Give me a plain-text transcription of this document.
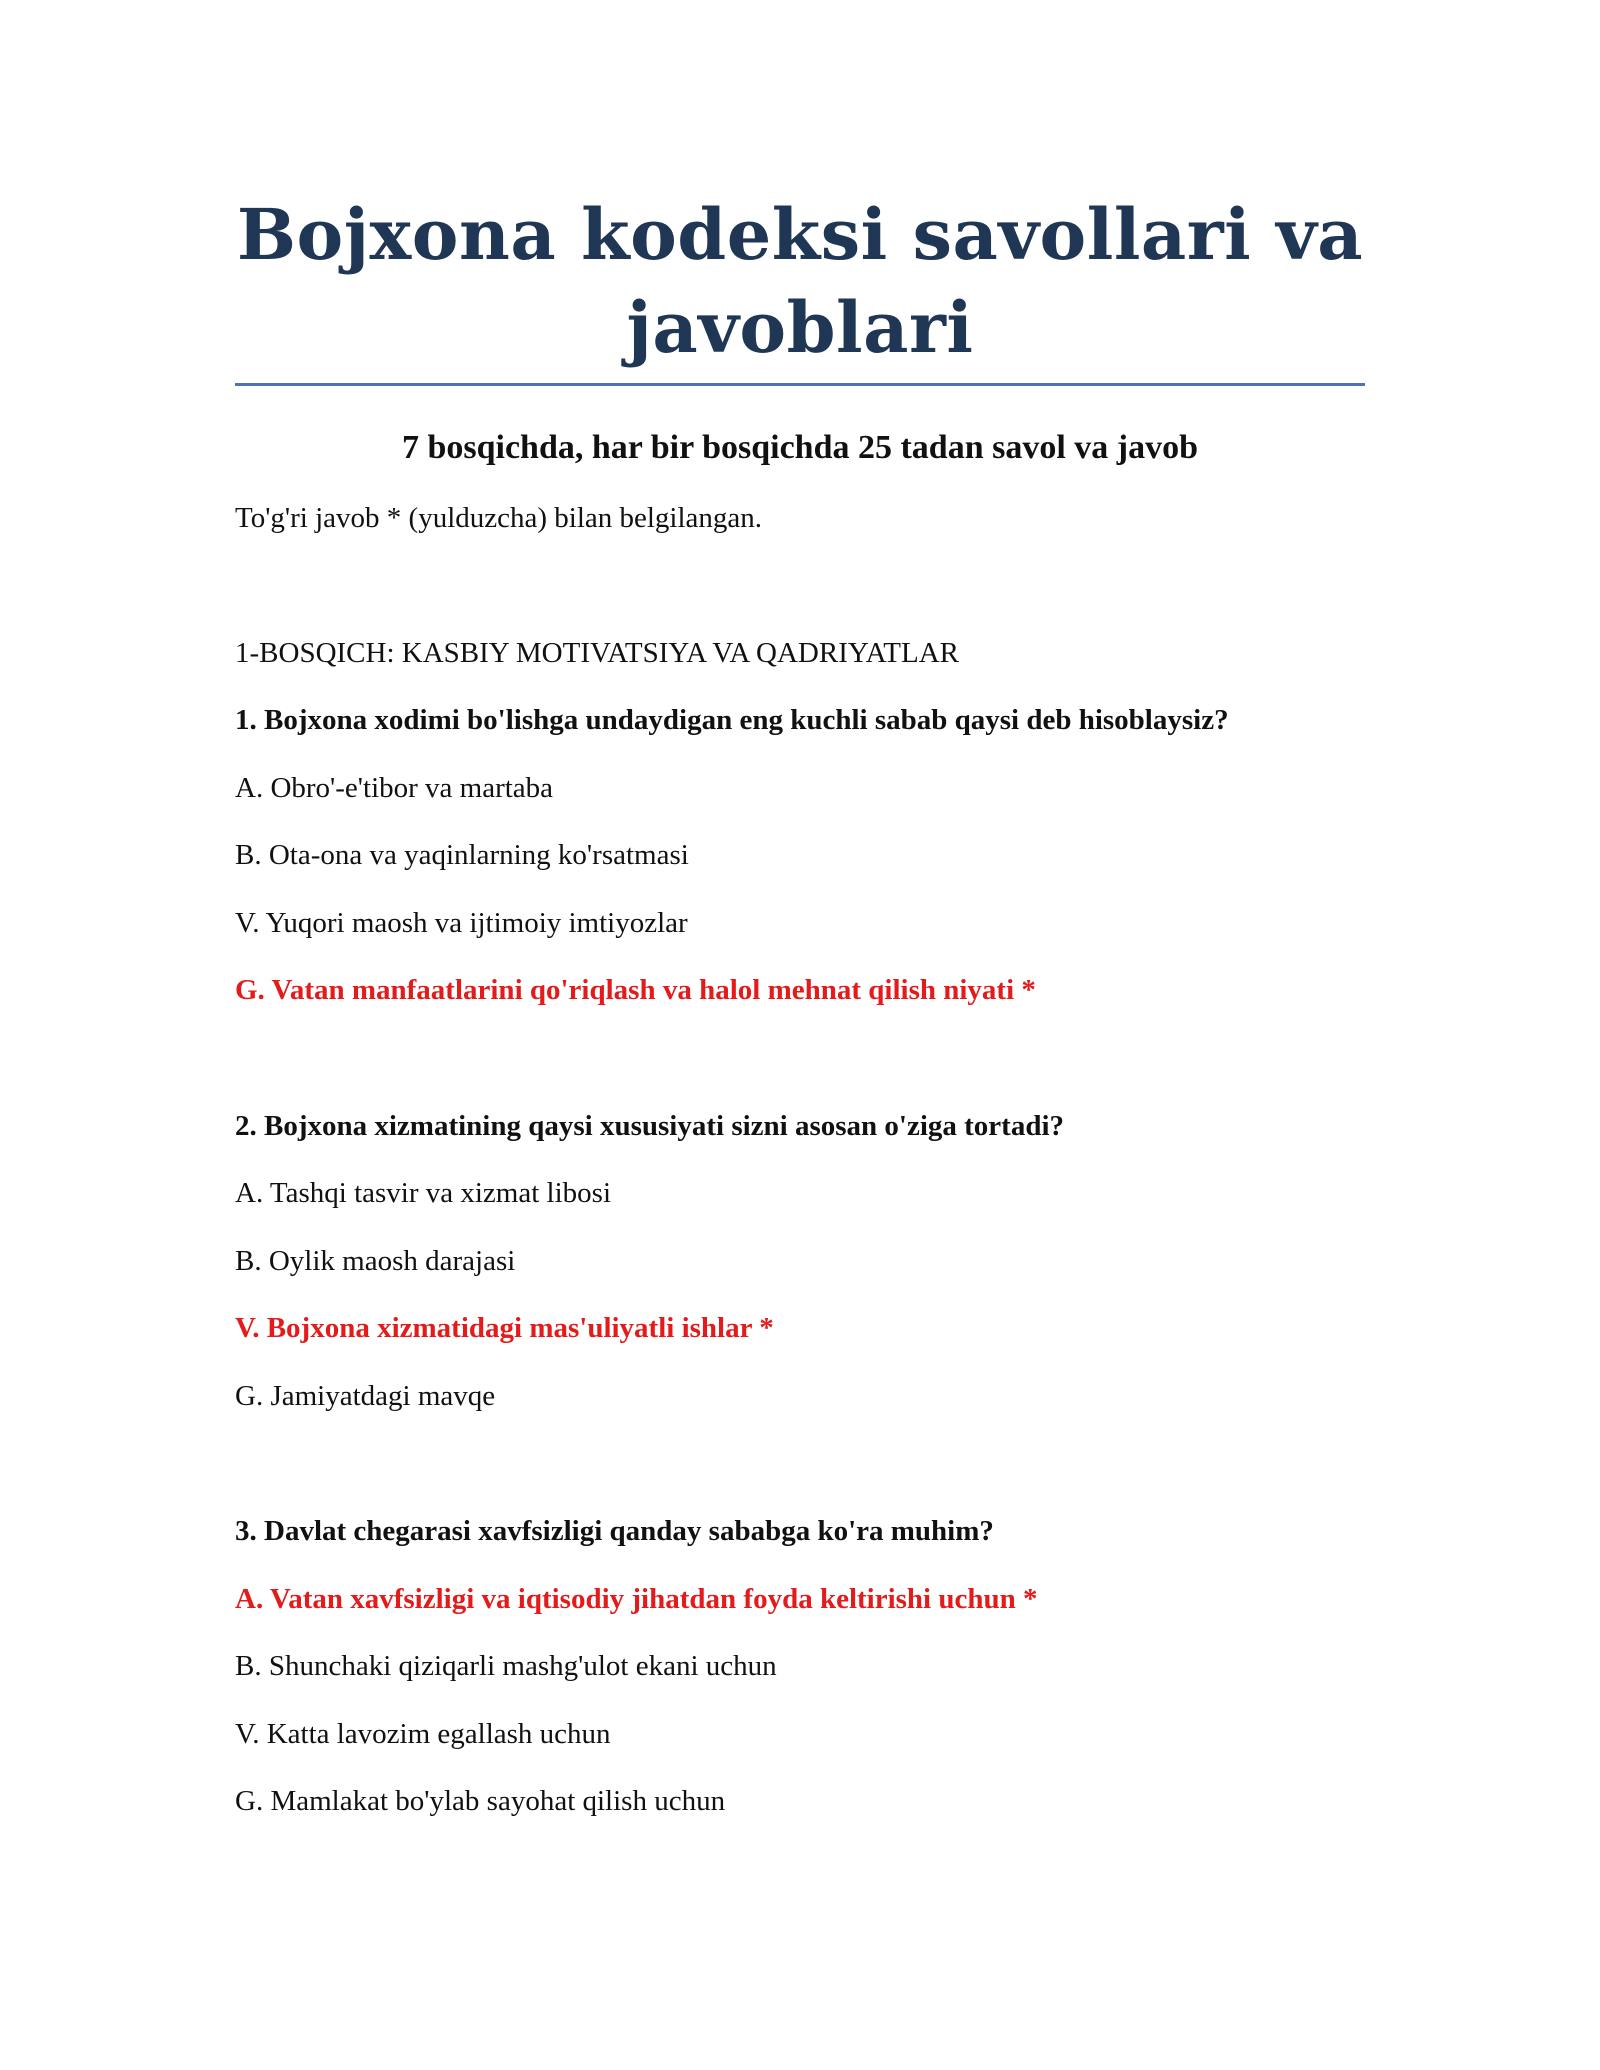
Bojxona kodeksi savollari va javoblari
7 bosqichda, har bir bosqichda 25 tadan savol va javob
To'g'ri javob * (yulduzcha) bilan belgilangan.
1-BOSQICH: KASBIY MOTIVATSIYA VA QADRIYATLAR
1. Bojxona xodimi bo'lishga undaydigan eng kuchli sabab qaysi deb hisoblaysiz?
A. Obro'-e'tibor va martaba
B. Ota-ona va yaqinlarning ko'rsatmasi
V. Yuqori maosh va ijtimoiy imtiyozlar
G. Vatan manfaatlarini qo'riqlash va halol mehnat qilish niyati *
2. Bojxona xizmatining qaysi xususiyati sizni asosan o'ziga tortadi?
A. Tashqi tasvir va xizmat libosi
B. Oylik maosh darajasi
V. Bojxona xizmatidagi mas'uliyatli ishlar *
G. Jamiyatdagi mavqe
3. Davlat chegarasi xavfsizligi qanday sababga ko'ra muhim?
A. Vatan xavfsizligi va iqtisodiy jihatdan foyda keltirishi uchun *
B. Shunchaki qiziqarli mashg'ulot ekani uchun
V. Katta lavozim egallash uchun
G. Mamlakat bo'ylab sayohat qilish uchun
